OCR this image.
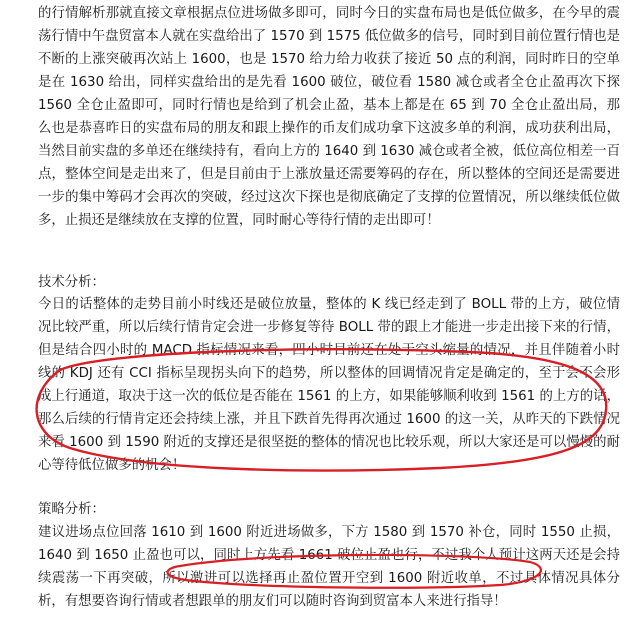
的行情解析那就直接文章根据点位进场做多即可，同时今日的实盘布局也是低位做多，在今早的震荡行情中午盘贸富本人就在实盘给出了 1570 到 1575 低位做多的信号，同时到目前位置行情也是不断的上涨突破再次站上 1600，也是 1570 给力给力收获了接近 50 点的利润，同时昨日的空单是在 1630 给出，同样实盘给出的是先看 1600 破位，破位看 1580 减仓或者全仓止盈再次下探 1560 全仓止盈即可，同时行情也是给到了机会止盈，基本上都是在 65 到 70 全仓止盈出局，那么也是恭喜昨日的实盘布局的朋友和跟上操作的币友们成功拿下这波多单的利润，成功获利出局，当然目前实盘的多单还在继续持有，看向上方的 1640 到 1630 减仓或者全被，低位高位相差一百点，整体空间是走出来了，但是目前由于上涨放量还需要筹码的存在，所以整体的空间还是需要进一步的集中筹码才会再次的突破，经过这次下探也是彻底确定了支撑的位置情况，所以继续低位做多，止损还是继续放在支撑的位置，同时耐心等待行情的走出即可！

技术分析：

今日的话整体的走势目前小时线还是破位放量，整体的 K 线已经走到了 BOLL 带的上方，破位情况比较严重，所以后续行情肯定会进一步修复等待 BOLL 带的跟上才能进一步走出接下来的行情，但是结合四小时的 MACD 指标情况来看，四小时目前还在处于空头缩量的情况，并且伴随着小时线的 KDJ 还有 CCI 指标呈现拐头向下的趋势，所以整体的回调情况肯定是确定的，至于会不会形成上行通道，取决于这一次的低位是否能在 1561 的上方，如果能够顺利收到 1561 的上方的话，那么后续的行情肯定还会持续上涨，并且下跌首先得再次通过 1600 的这一关，从昨天的下跌情况来看 1600 到 1590 附近的支撑还是很坚挺的整体的情况也比较乐观，所以大家还是可以慢慢的耐心等待低位做多的机会！

策略分析：

建议进场点位回落 1610 到 1600 附近进场做多，下方 1580 到 1570 补仓，同时 1550 止损，1640 到 1650 止盈也可以，同时上方先看 1661 破位止盈也行，不过我个人预计这两天还是会持续震荡一下再突破，所以激进可以选择再止盈位置开空到 1600 附近收单，不过具体情况具体分析，有想要咨询行情或者想跟单的朋友们可以随时咨询到贸富本人来进行指导！
